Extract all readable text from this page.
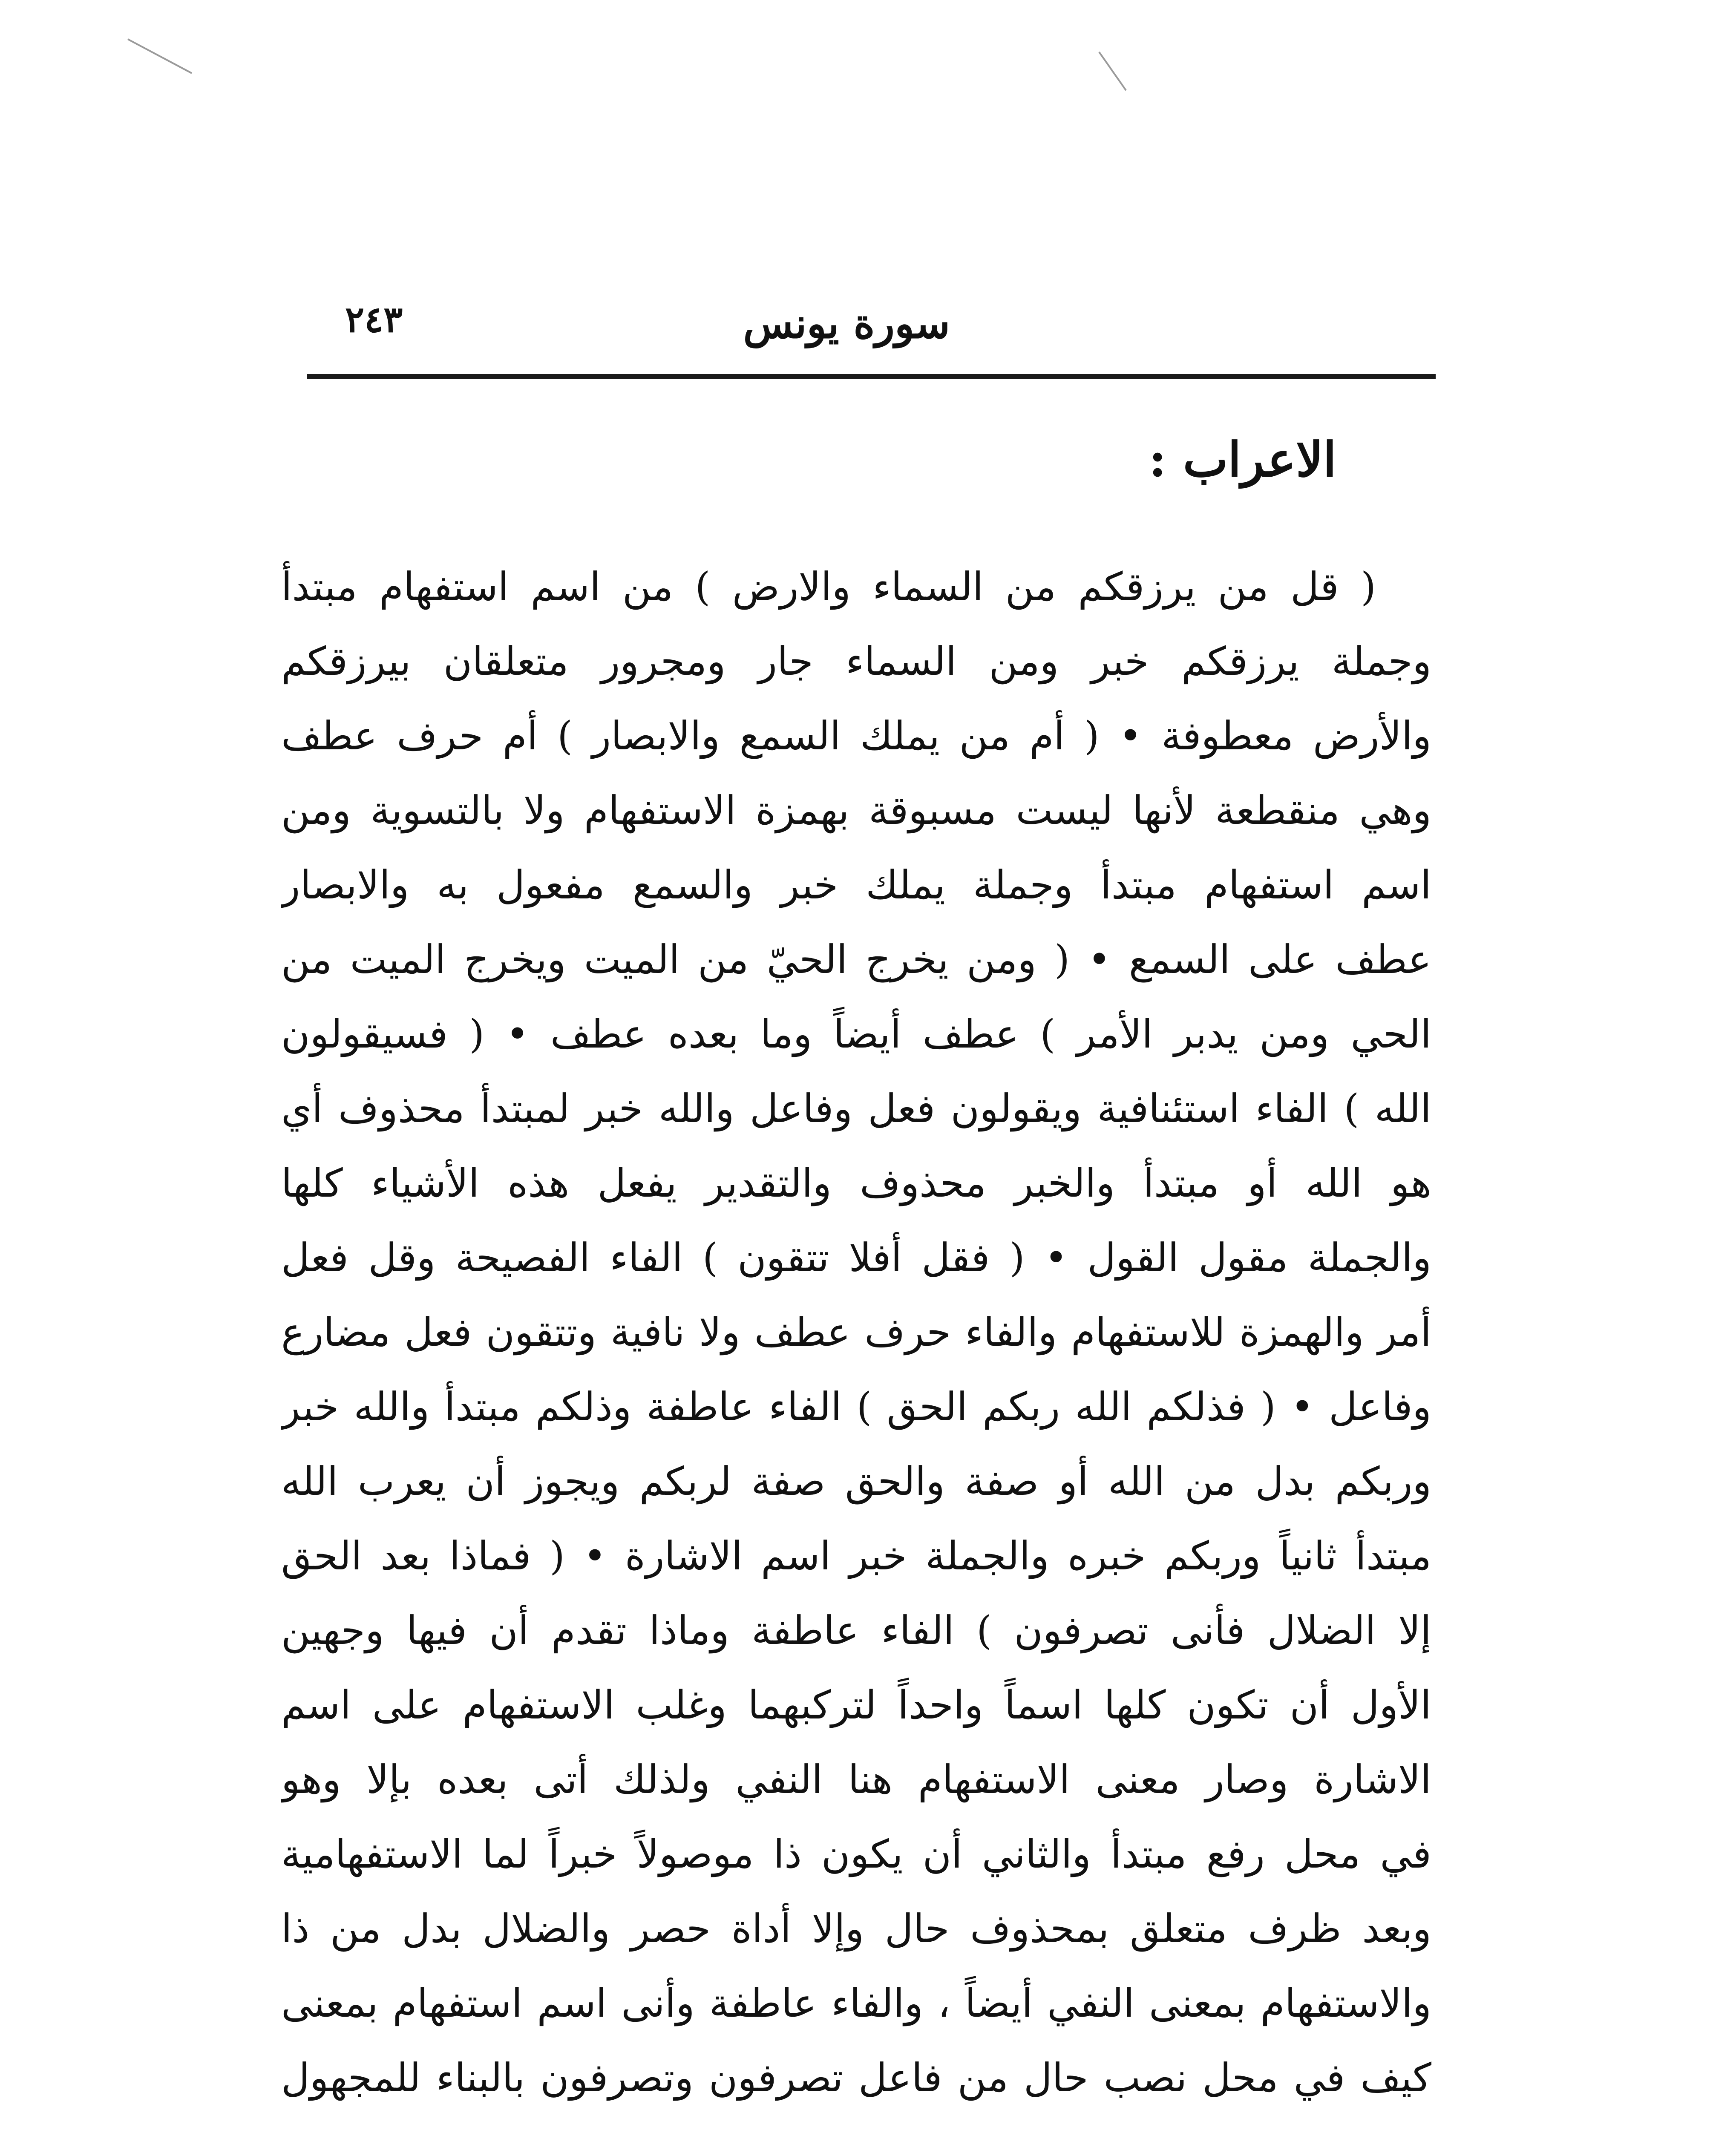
سورة يونس
٢٤٣
الاعراب :
( قل من يرزقكم من السماء والارض ) من اسم استفهام مبتدأ
وجملة يرزقكم خبر ومن السماء جار ومجرور متعلقان بيرزقكم
والأرض معطوفة • ( أم من يملك السمع والابصار ) أم حرف عطف
وهي منقطعة لأنها ليست مسبوقة بهمزة الاستفهام ولا بالتسوية ومن
اسم استفهام مبتدأ وجملة يملك خبر والسمع مفعول به والابصار
عطف على السمع • ( ومن يخرج الحيّ من الميت ويخرج الميت من
الحي ومن يدبر الأمر ) عطف أيضاً وما بعده عطف • ( فسيقولون
الله ) الفاء استئنافية ويقولون فعل وفاعل والله خبر لمبتدأ محذوف أي
هو الله أو مبتدأ والخبر محذوف والتقدير يفعل هذه الأشياء كلها
والجملة مقول القول • ( فقل أفلا تتقون ) الفاء الفصيحة وقل فعل
أمر والهمزة للاستفهام والفاء حرف عطف ولا نافية وتتقون فعل مضارع
وفاعل • ( فذلكم الله ربكم الحق ) الفاء عاطفة وذلكم مبتدأ والله خبر
وربكم بدل من الله أو صفة والحق صفة لربكم ويجوز أن يعرب الله
مبتدأ ثانياً وربكم خبره والجملة خبر اسم الاشارة • ( فماذا بعد الحق
إلا الضلال فأنى تصرفون ) الفاء عاطفة وماذا تقدم أن فيها وجهين
الأول أن تكون كلها اسماً واحداً لتركبهما وغلب الاستفهام على اسم
الاشارة وصار معنى الاستفهام هنا النفي ولذلك أتى بعده بإلا وهو
في محل رفع مبتدأ والثاني أن يكون ذا موصولاً خبراً لما الاستفهامية
وبعد ظرف متعلق بمحذوف حال وإلا أداة حصر والضلال بدل من ذا
والاستفهام بمعنى النفي أيضاً ، والفاء عاطفة وأنى اسم استفهام بمعنى
كيف في محل نصب حال من فاعل تصرفون وتصرفون بالبناء للمجهول
